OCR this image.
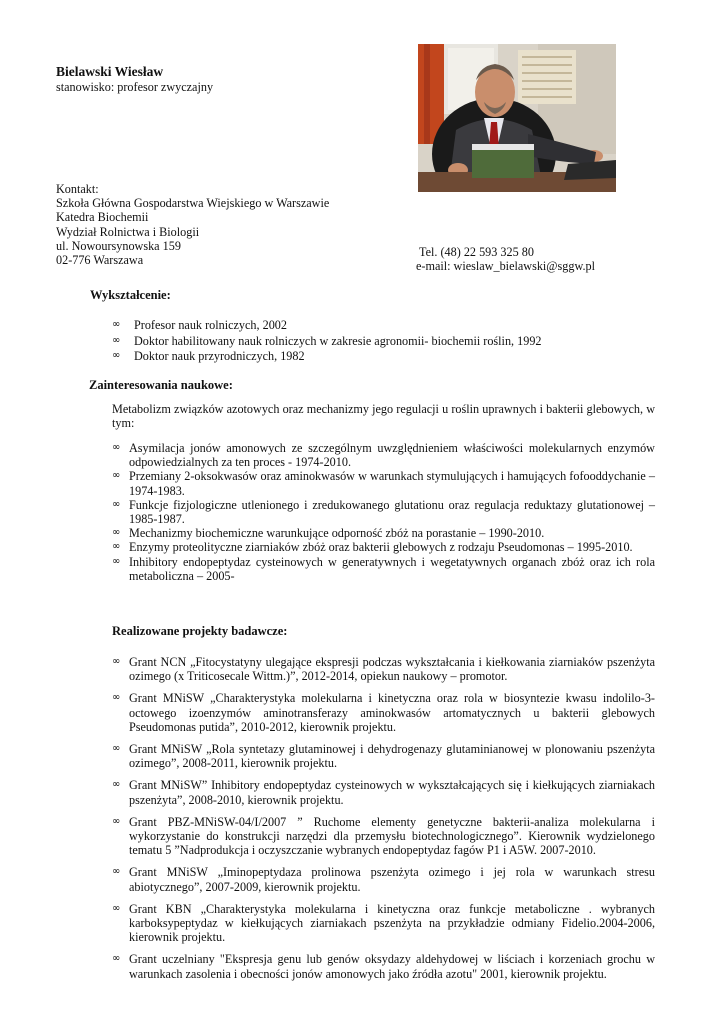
Bielawski Wiesław
stanowisko: profesor zwyczajny
Kontakt:
Szkoła Główna Gospodarstwa Wiejskiego w Warszawie
Katedra Biochemii
Wydział Rolnictwa i Biologii
ul. Nowoursynowska 159
02-776 Warszawa
Tel. (48) 22 593 325 80
e-mail: wieslaw_bielawski@sggw.pl
Wykształcenie:
∞ Profesor nauk rolniczych, 2002
∞ Doktor habilitowany nauk rolniczych w zakresie agronomii- biochemii roślin, 1992
∞ Doktor nauk przyrodniczych, 1982
Zainteresowania naukowe:
Metabolizm związków azotowych oraz mechanizmy jego regulacji u roślin uprawnych i bakterii glebowych, w tym:
∞ Asymilacja jonów amonowych ze szczególnym uwzględnieniem właściwości molekularnych enzymów odpowiedzialnych za ten proces - 1974-2010.
∞ Przemiany 2-oksokwasów oraz aminokwasów w warunkach stymulujących i hamujących fofooddychanie – 1974-1983.
∞ Funkcje fizjologiczne utlenionego i zredukowanego glutationu oraz regulacja reduktazy glutationowej – 1985-1987.
∞ Mechanizmy biochemiczne warunkujące odporność zbóż na porastanie – 1990-2010.
∞ Enzymy proteolityczne ziarniaków zbóż oraz bakterii glebowych z rodzaju Pseudomonas – 1995-2010.
∞ Inhibitory endopeptydaz cysteinowych w generatywnych i wegetatywnych organach zbóż oraz ich rola metaboliczna – 2005-
Realizowane projekty badawcze:
∞ Grant NCN „Fitocystatyny ulegające ekspresji podczas wykształcania i kiełkowania ziarniaków pszenżyta ozimego (x Triticosecale Wittm.)”, 2012-2014, opiekun naukowy – promotor.
∞ Grant MNiSW „Charakterystyka molekularna i kinetyczna oraz rola w biosyntezie kwasu indolilo-3-octowego izoenzymów aminotransferazy aminokwasów artomatycznych u bakterii glebowych Pseudomonas putida”, 2010-2012, kierownik projektu.
∞ Grant MNiSW „Rola syntetazy glutaminowej i dehydrogenazy glutaminianowej w plonowaniu pszenżyta ozimego”, 2008-2011, kierownik projektu.
∞ Grant MNiSW” Inhibitory endopeptydaz cysteinowych w wykształcających się i kiełkujących ziarniakach pszenżyta”, 2008-2010, kierownik projektu.
∞ Grant PBZ-MNiSW-04/I/2007 ” Ruchome elementy genetyczne bakterii-analiza molekularna i wykorzystanie do konstrukcji narzędzi dla przemysłu biotechnologicznego”. Kierownik wydzielonego tematu 5 ”Nadprodukcja i oczyszczanie wybranych endopeptydaz fagów P1 i A5W. 2007-2010.
∞ Grant MNiSW „Iminopeptydaza prolinowa pszenżyta ozimego i jej rola w warunkach stresu abiotycznego”, 2007-2009, kierownik projektu.
∞ Grant KBN „Charakterystyka molekularna i kinetyczna oraz funkcje metaboliczne . wybranych karboksypeptydaz w kiełkujących ziarniakach pszenżyta na przykładzie odmiany Fidelio.2004-2006, kierownik projektu.
∞ Grant uczelniany "Ekspresja genu lub genów oksydazy aldehydowej w liściach i korzeniach grochu w warunkach zasolenia i obecności jonów amonowych jako źródła azotu" 2001, kierownik projektu.
